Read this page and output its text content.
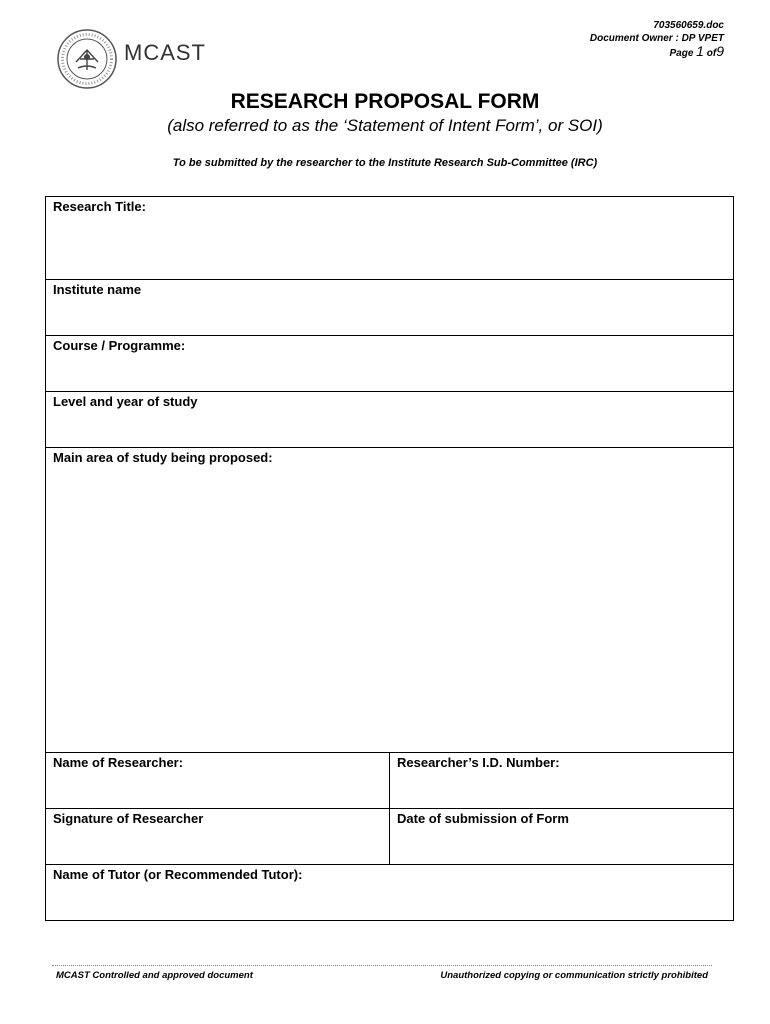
MCAST
703560659.doc
Document Owner : DP VPET
Page 1 of9
RESEARCH PROPOSAL FORM
(also referred to as the ‘Statement of Intent Form’, or SOI)
To be submitted by the researcher to the Institute Research Sub-Committee (IRC)
Research Title:	
Institute name	
Course / Programme:	
Level and year of study	
Main area of study being proposed:	
Name of Researcher:	Researcher’s I.D. Number:
Signature of Researcher	Date of submission of Form
Name of Tutor (or Recommended Tutor):	
MCAST Controlled and approved document	Unauthorized copying or communication strictly prohibited
